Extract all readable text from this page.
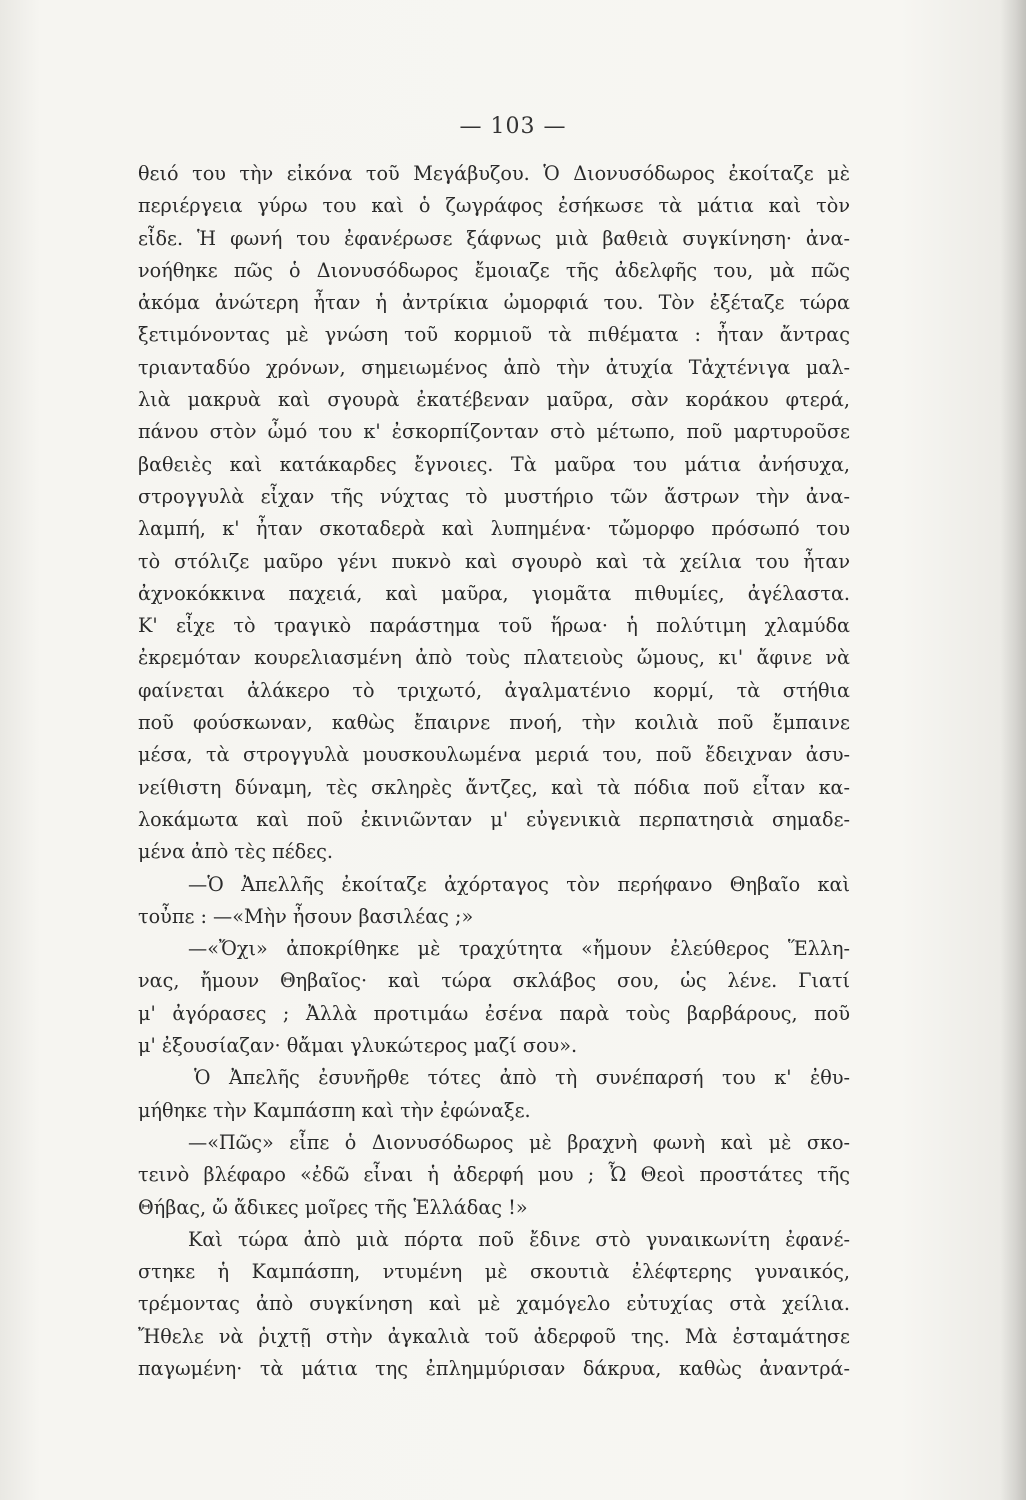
— 103 —
θειό του τὴν εἰκόνα τοῦ Μεγάβυζου. Ὁ Διονυσόδωρος ἐκοίταζε μὲ
περιέργεια γύρω του καὶ ὁ ζωγράφος ἐσήκωσε τὰ μάτια καὶ τὸν
εἶδε. Ἡ φωνή του ἐφανέρωσε ξάφνως μιὰ βαθειὰ συγκίνηση· ἀνα-
νοήθηκε πῶς ὁ Διονυσόδωρος ἔμοιαζε τῆς ἀδελφῆς του, μὰ πῶς
ἀκόμα ἀνώτερη ἦταν ἡ ἀντρίκια ὠμορφιά του. Τὸν ἐξέταζε τώρα
ξετιμόνοντας μὲ γνώση τοῦ κορμιοῦ τὰ πιθέματα : ἦταν ἄντρας
τριανταδύο χρόνων, σημειωμένος ἀπὸ τὴν ἀτυχία Τἀχτένιγα μαλ-
λιὰ μακρυὰ καὶ σγουρὰ ἐκατέβεναν μαῦρα, σὰν κοράκου φτερά,
πάνου στὸν ὦμό του κ' ἐσκορπίζονταν στὸ μέτωπο, ποῦ μαρτυροῦσε
βαθειὲς καὶ κατάκαρδες ἔγνοιες. Τὰ μαῦρα του μάτια ἀνήσυχα,
στρογγυλὰ εἶχαν τῆς νύχτας τὸ μυστήριο τῶν ἄστρων τὴν ἀνα-
λαμπή, κ' ἦταν σκοταδερὰ καὶ λυπημένα· τὤμορφο πρόσωπό του
τὸ στόλιζε μαῦρο γένι πυκνὸ καὶ σγουρὸ καὶ τὰ χείλια του ἦταν
ἀχνοκόκκινα παχειά, καὶ μαῦρα, γιομᾶτα πιθυμίες, ἀγέλαστα.
Κ' εἶχε τὸ τραγικὸ παράστημα τοῦ ἥρωα· ἡ πολύτιμη χλαμύδα
ἐκρεμόταν κουρελιασμένη ἀπὸ τοὺς πλατειοὺς ὤμους, κι' ἄφινε νὰ
φαίνεται ἀλάκερο τὸ τριχωτό, ἀγαλματένιο κορμί, τὰ στήθια
ποῦ φούσκωναν, καθὼς ἔπαιρνε πνοή, τὴν κοιλιὰ ποῦ ἔμπαινε
μέσα, τὰ στρογγυλὰ μουσκουλωμένα μεριά του, ποῦ ἔδειχναν ἀσυ-
νείθιστη δύναμη, τὲς σκληρὲς ἄντζες, καὶ τὰ πόδια ποῦ εἶταν κα-
λοκάμωτα καὶ ποῦ ἐκινιῶνταν μ' εὐγενικιὰ περπατησιὰ σημαδε-
μένα ἀπὸ τὲς πέδες.
—Ὁ Ἀπελλῆς ἐκοίταζε ἀχόρταγος τὸν περήφανο Θηβαῖο καὶ
τοὖπε : —«Μὴν ἦσουν βασιλέας ;»
—«Ὄχι» ἀποκρίθηκε μὲ τραχύτητα «ἤμουν ἐλεύθερος Ἕλλη-
νας, ἤμουν Θηβαῖος· καὶ τώρα σκλάβος σου, ὡς λένε. Γιατί
μ' ἀγόρασες ; Ἀλλὰ προτιμάω ἐσένα παρὰ τοὺς βαρβάρους, ποῦ
μ' ἐξουσίαζαν· θἄμαι γλυκώτερος μαζί σου».
Ὁ Ἀπελῆς ἐσυνῆρθε τότες ἀπὸ τὴ συνέπαρσή του κ' ἐθυ-
μήθηκε τὴν Καμπάσπη καὶ τὴν ἐφώναξε.
—«Πῶς» εἶπε ὁ Διονυσόδωρος μὲ βραχνὴ φωνὴ καὶ μὲ σκο-
τεινὸ βλέφαρο «ἐδῶ εἶναι ἡ ἀδερφή μου ; Ὦ Θεοὶ προστάτες τῆς
Θήβας, ὤ ἄδικες μοῖρες τῆς Ἑλλάδας !»
Καὶ τώρα ἀπὸ μιὰ πόρτα ποῦ ἔδινε στὸ γυναικωνίτη ἐφανέ-
στηκε ἡ Καμπάσπη, ντυμένη μὲ σκουτιὰ ἐλέφτερης γυναικός,
τρέμοντας ἀπὸ συγκίνηση καὶ μὲ χαμόγελο εὐτυχίας στὰ χείλια.
Ἤθελε νὰ ῥιχτῇ στὴν ἀγκαλιὰ τοῦ ἀδερφοῦ της. Μὰ ἐσταμάτησε
παγωμένη· τὰ μάτια της ἐπλημμύρισαν δάκρυα, καθὼς ἀναντρά-
